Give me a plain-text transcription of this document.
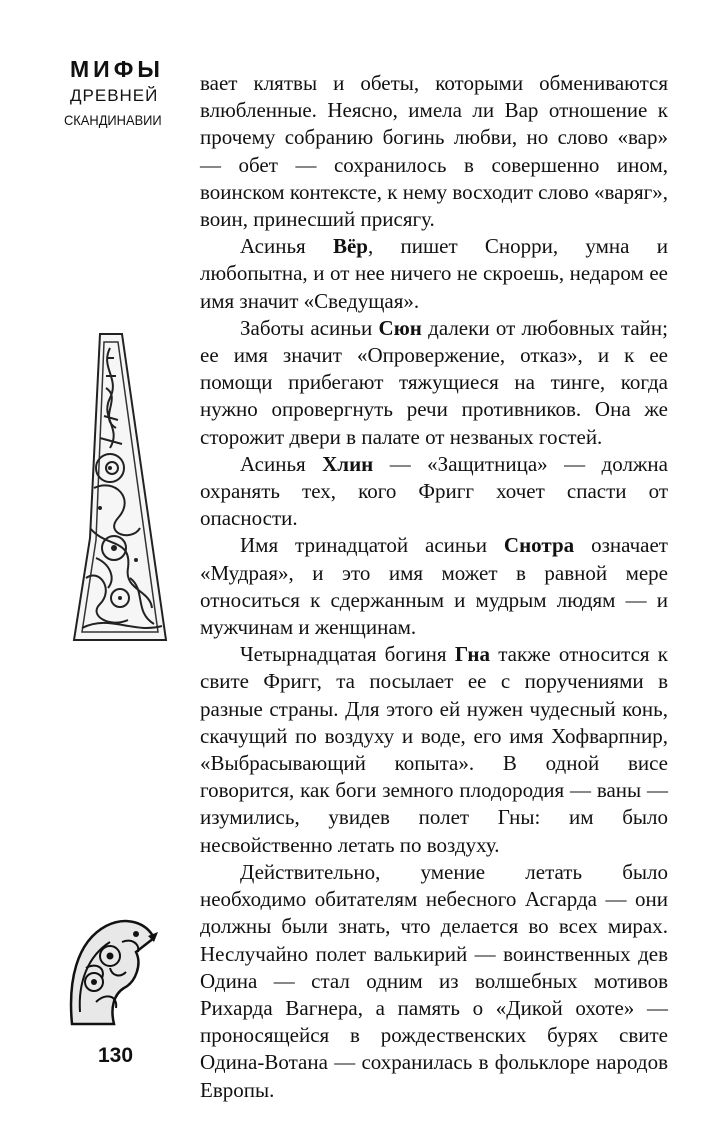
МИФЫ
ДРЕВНЕЙ
СКАНДИНАВИИ

вает клятвы и обеты, которыми обмениваются влюбленные. Неясно, имела ли Вар отношение к прочему собранию богинь любви, но слово «вар» — обет — сохранилось в совершенно ином, воинском контексте, к нему восходит слово «варяг», воин, принесший присягу.

Асинья Вёр, пишет Снорри, умна и любопытна, и от нее ничего не скроешь, недаром ее имя значит «Сведущая».

Заботы асиньи Сюн далеки от любовных тайн; ее имя значит «Опровержение, отказ», и к ее помощи прибегают тяжущиеся на тинге, когда нужно опровергнуть речи противников. Она же сторожит двери в палате от незваных гостей.

Асинья Хлин — «Защитница» — должна охранять тех, кого Фригг хочет спасти от опасности.

Имя тринадцатой асиньи Снотра означает «Мудрая», и это имя может в равной мере относиться к сдержанным и мудрым людям — и мужчинам и женщинам.

Четырнадцатая богиня Гна также относится к свите Фригг, та посылает ее с поручениями в разные страны. Для этого ей нужен чудесный конь, скачущий по воздуху и воде, его имя Хофварпнир, «Выбрасывающий копыта». В одной висе говорится, как боги земного плодородия — ваны — изумились, увидев полет Гны: им было несвойственно летать по воздуху.

Действительно, умение летать было необходимо обитателям небесного Асгарда — они должны были знать, что делается во всех мирах. Неслучайно полет валькирий — воинственных дев Одина — стал одним из волшебных мотивов Рихарда Вагнера, а память о «Дикой охоте» — проносящейся в рождественских бурях свите Одина-Вотана — сохранилась в фольклоре народов Европы.

130
